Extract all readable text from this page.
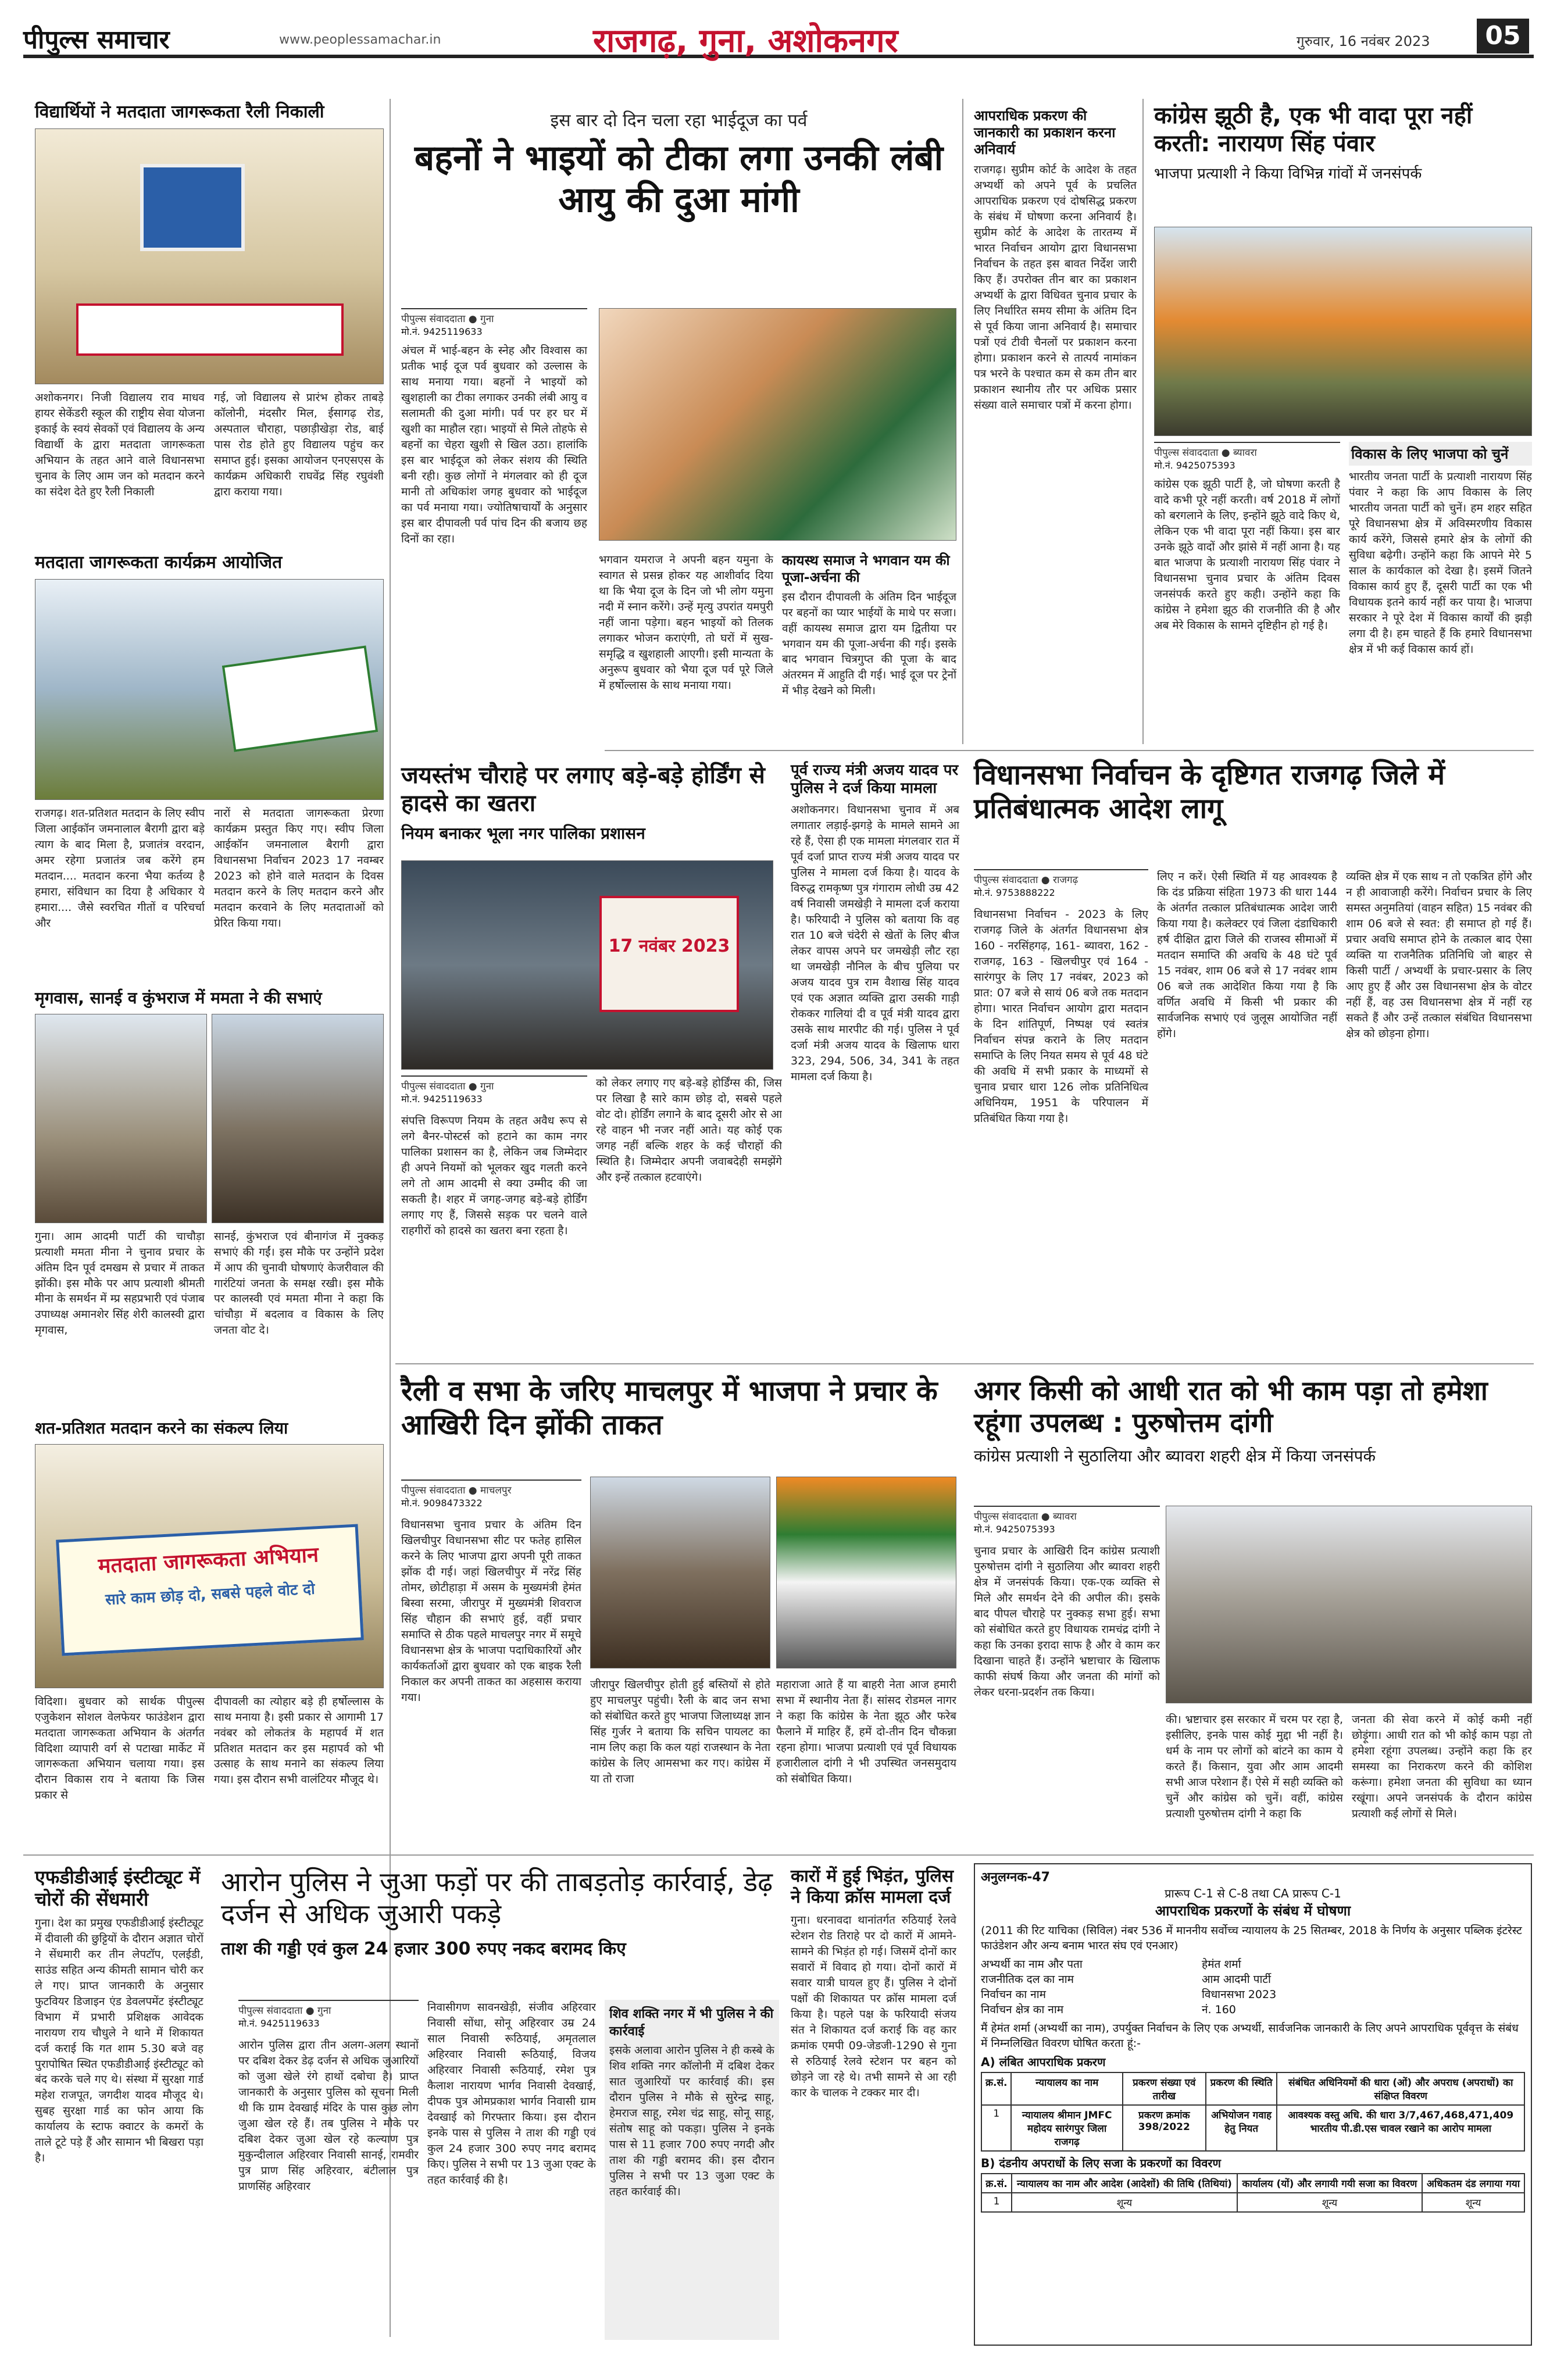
पीपुल्स समाचार	www.peoplessamachar.in	राजगढ़, गुना, अशोकनगर	गुरुवार, 16 नवंबर 2023	05
विद्यार्थियों ने मतदाता जागरूकता रैली निकाली

अशोकनगर। निजी विद्यालय राव माधव हायर सेकेंडरी स्कूल की राष्ट्रीय सेवा योजना इकाई के स्वयं सेवकों एवं विद्यालय के अन्य विद्यार्थी के द्वारा मतदाता जागरूकता अभियान के तहत आने वाले विधानसभा चुनाव के लिए आम जन को मतदान करने का संदेश देते हुए रैली निकाली

गई, जो विद्यालय से प्रारंभ होकर ताबड़े कॉलोनी, मंदसौर मिल, ईसागढ़ रोड, अस्पताल चौराहा, पछाड़ीखेड़ा रोड, बाई पास रोड होते हुए विद्यालय पहुंच कर समाप्त हुई। इसका आयोजन एनएसएस के कार्यक्रम अधिकारी राघवेंद्र सिंह रघुवंशी द्वारा कराया गया।

मतदाता जागरूकता कार्यक्रम आयोजित

राजगढ़। शत-प्रतिशत मतदान के लिए स्वीप जिला आईकॉन जमनालाल बैरागी द्वारा बड़े त्याग के बाद मिला है, प्रजातंत्र वरदान, अमर रहेगा प्रजातंत्र जब करेंगे हम मतदान.... मतदान करना भैया कर्तव्य है हमारा, संविधान का दिया है अधिकार ये हमारा.... जैसे स्वरचित गीतों व परिचर्चा और

नारों से मतदाता जागरूकता प्रेरणा कार्यक्रम प्रस्तुत किए गए। स्वीप जिला आईकॉन जमनालाल बैरागी द्वारा विधानसभा निर्वाचन 2023 17 नवम्बर 2023 को होने वाले मतदान के दिवस मतदान करने के लिए मतदान करने और मतदान करवाने के लिए मतदाताओं को प्रेरित किया गया।

मृगवास, सानई व कुंभराज में ममता ने की सभाएं

गुना। आम आदमी पार्टी की चाचौड़ा प्रत्याशी ममता मीना ने चुनाव प्रचार के अंतिम दिन पूर्व दमखम से प्रचार में ताकत झोंकी। इस मौके पर आप प्रत्याशी श्रीमती मीना के समर्थन में म्प्र सहप्रभारी एवं पंजाब उपाध्यक्ष अमानशेर सिंह शेरी कालस्वी द्वारा मृगवास,

सानई, कुंभराज एवं बीनागंज में नुक्कड़ सभाएं की गईं। इस मौके पर उन्होंने प्रदेश में आप की चुनावी घोषणाएं केजरीवाल की गारंटियां जनता के समक्ष रखी। इस मौके पर कालस्वी एवं ममता मीना ने कहा कि चांचौड़ा में बदलाव व विकास के लिए जनता वोट दे।

शत-प्रतिशत मतदान करने का संकल्प लिया
मतदाता जागरूकता अभियान
सारे काम छोड़ दो, सबसे पहले वोट दो

विदिशा। बुधवार को सार्थक पीपुल्स एजुकेशन सोशल वेलफेयर फाउंडेशन द्वारा मतदाता जागरूकता अभियान के अंतर्गत विदिशा व्यापारी वर्ग से पटाखा मार्केट में जागरूकता अभियान चलाया गया। इस दौरान विकास राय ने बताया कि जिस प्रकार से

दीपावली का त्योहार बड़े ही हर्षोल्लास के साथ मनाया है। इसी प्रकार से आगामी 17 नवंबर को लोकतंत्र के महापर्व में शत प्रतिशत मतदान कर इस महापर्व को भी उत्साह के साथ मनाने का संकल्प लिया गया। इस दौरान सभी वालंटियर मौजूद थे।

इस बार दो दिन चला रहा भाईदूज का पर्व
बहनों ने भाइयों को टीका लगा उनकी लंबी आयु की दुआ मांगी
पीपुल्स संवाददाता ● गुना
मो.नं. 9425119633

अंचल में भाई-बहन के स्नेह और विश्वास का प्रतीक भाई दूज पर्व बुधवार को उल्लास के साथ मनाया गया। बहनों ने भाइयों को खुशहाली का टीका लगाकर उनकी लंबी आयु व सलामती की दुआ मांगी। पर्व पर हर घर में खुशी का माहौल रहा। भाइयों से मिले तोहफे से बहनों का चेहरा खुशी से खिल उठा। हालांकि इस बार भाईदूज को लेकर संशय की स्थिति बनी रही। कुछ लोगों ने मंगलवार को ही दूज मानी तो अधिकांश जगह बुधवार को भाईदूज का पर्व मनाया गया। ज्योतिषाचार्यों के अनुसार इस बार दीपावली पर्व पांच दिन की बजाय छह दिनों का रहा।

भगवान यमराज ने अपनी बहन यमुना के स्वागत से प्रसन्न होकर यह आशीर्वाद दिया था कि भैया दूज के दिन जो भी लोग यमुना नदी में स्नान करेंगे। उन्हें मृत्यु उपरांत यमपुरी नहीं जाना पड़ेगा। बहन भाइयों को तिलक लगाकर भोजन कराएंगी, तो घरों में सुख-समृद्धि व खुशहाली आएगी। इसी मान्यता के अनुरूप बुधवार को भैया दूज पर्व पूरे जिले में हर्षोल्लास के साथ मनाया गया।

कायस्थ समाज ने भगवान यम की पूजा-अर्चना की

इस दौरान दीपावली के अंतिम दिन भाईदूज पर बहनों का प्यार भाईयों के माथे पर सजा। वहीं कायस्थ समाज द्वारा यम द्वितीया पर भगवान यम की पूजा-अर्चना की गई। इसके बाद भगवान चित्रगुप्त की पूजा के बाद अंतरमन में आहुति दी गई। भाई दूज पर ट्रेनों में भीड़ देखने को मिली।

जयस्तंभ चौराहे पर लगाए बड़े-बड़े होर्डिंग से हादसे का खतरा
नियम बनाकर भूला नगर पालिका प्रशासन
17 नवंबर 2023
पीपुल्स संवाददाता ● गुना
मो.नं. 9425119633

संपत्ति विरूपण नियम के तहत अवैध रूप से लगे बैनर-पोस्टर्स को हटाने का काम नगर पालिका प्रशासन का है, लेकिन जब जिम्मेदार ही अपने नियमों को भूलकर खुद गलती करने लगे तो आम आदमी से क्या उम्मीद की जा सकती है। शहर में जगह-जगह बड़े-बड़े होर्डिंग लगाए गए हैं, जिससे सड़क पर चलने वाले राहगीरों को हादसे का खतरा बना रहता है।

को लेकर लगाए गए बड़े-बड़े होर्डिंग्स की, जिस पर लिखा है सारे काम छोड़ दो, सबसे पहले वोट दो। होर्डिंग लगाने के बाद दूसरी ओर से आ रहे वाहन भी नजर नहीं आते। यह कोई एक जगह नहीं बल्कि शहर के कई चौराहों की स्थिति है। जिम्मेदार अपनी जवाबदेही समझेंगे और इन्हें तत्काल हटवाएंगे।

आपराधिक प्रकरण की जानकारी का प्रकाशन करना अनिवार्य

राजगढ़। सुप्रीम कोर्ट के आदेश के तहत अभ्यर्थी को अपने पूर्व के प्रचलित आपराधिक प्रकरण एवं दोषसिद्ध प्रकरण के संबंध में घोषणा करना अनिवार्य है। सुप्रीम कोर्ट के आदेश के तारतम्य में भारत निर्वाचन आयोग द्वारा विधानसभा निर्वाचन के तहत इस बावत निर्देश जारी किए हैं। उपरोक्त तीन बार का प्रकाशन अभ्यर्थी के द्वारा विधिवत चुनाव प्रचार के लिए निर्धारित समय सीमा के अंतिम दिन से पूर्व किया जाना अनिवार्य है। समाचार पत्रों एवं टीवी चैनलों पर प्रकाशन करना होगा। प्रकाशन करने से तात्पर्य नामांकन पत्र भरने के पश्चात कम से कम तीन बार प्रकाशन स्थानीय तौर पर अधिक प्रसार संख्या वाले समाचार पत्रों में करना होगा।

पूर्व राज्य मंत्री अजय यादव पर पुलिस ने दर्ज किया मामला

अशोकनगर। विधानसभा चुनाव में अब लगातार लड़ाई-झगड़े के मामले सामने आ रहे हैं, ऐसा ही एक मामला मंगलवार रात में पूर्व दर्जा प्राप्त राज्य मंत्री अजय यादव पर पुलिस ने मामला दर्ज किया है। यादव के विरुद्ध रामकृष्ण पुत्र गंगाराम लोधी उम्र 42 वर्ष निवासी जमखेड़ी ने मामला दर्ज कराया है। फरियादी ने पुलिस को बताया कि वह रात 10 बजे चंदेरी से खेतों के लिए बीज लेकर वापस अपने घर जमखेड़ी लौट रहा था जमखेड़ी नौनिल के बीच पुलिया पर अजय यादव पुत्र राम वैशाख सिंह यादव एवं एक अज्ञात व्यक्ति द्वारा उसकी गाड़ी रोककर गालियां दी व पूर्व मंत्री यादव द्वारा उसके साथ मारपीट की गई। पुलिस ने पूर्व दर्जा मंत्री अजय यादव के खिलाफ धारा 323, 294, 506, 34, 341 के तहत मामला दर्ज किया है।

कांग्रेस झूठी है, एक भी वादा पूरा नहीं करती: नारायण सिंह पंवार
भाजपा प्रत्याशी ने किया विभिन्न गांवों में जनसंपर्क
पीपुल्स संवाददाता ● ब्यावरा
मो.नं. 9425075393

कांग्रेस एक झूठी पार्टी है, जो घोषणा करती है वादे कभी पूरे नहीं करती। वर्ष 2018 में लोगों को बरगलाने के लिए, इन्होंने झूठे वादे किए थे, लेकिन एक भी वादा पूरा नहीं किया। इस बार उनके झूठे वादों और झांसे में नहीं आना है। यह बात भाजपा के प्रत्याशी नारायण सिंह पंवार ने विधानसभा चुनाव प्रचार के अंतिम दिवस जनसंपर्क करते हुए कही। उन्होंने कहा कि कांग्रेस ने हमेशा झूठ की राजनीति की है और अब मेरे विकास के सामने दृष्टिहीन हो गई है।

विकास के लिए भाजपा को चुनें

भारतीय जनता पार्टी के प्रत्याशी नारायण सिंह पंवार ने कहा कि आप विकास के लिए भारतीय जनता पार्टी को चुनें। हम शहर सहित पूरे विधानसभा क्षेत्र में अविस्मरणीय विकास कार्य करेंगे, जिससे हमारे क्षेत्र के लोगों की सुविधा बढ़ेगी। उन्होंने कहा कि आपने मेरे 5 साल के कार्यकाल को देखा है। इसमें जितने विकास कार्य हुए हैं, दूसरी पार्टी का एक भी विधायक इतने कार्य नहीं कर पाया है। भाजपा सरकार ने पूरे देश में विकास कार्यों की झड़ी लगा दी है। हम चाहते हैं कि हमारे विधानसभा क्षेत्र में भी कई विकास कार्य हों।

विधानसभा निर्वाचन के दृष्टिगत राजगढ़ जिले में प्रतिबंधात्मक आदेश लागू
पीपुल्स संवाददाता ● राजगढ़
मो.नं. 9753888222

विधानसभा निर्वाचन - 2023 के लिए राजगढ़ जिले के अंतर्गत विधानसभा क्षेत्र 160 - नरसिंहगढ़, 161- ब्यावरा, 162 - राजगढ़, 163 - खिलचीपुर एवं 164 - सारंगपुर के लिए 17 नवंबर, 2023 को प्रात: 07 बजे से सायं 06 बजे तक मतदान होगा। भारत निर्वाचन आयोग द्वारा मतदान के दिन शांतिपूर्ण, निष्पक्ष एवं स्वतंत्र निर्वाचन संपन्न कराने के लिए मतदान समाप्ति के लिए नियत समय से पूर्व 48 घंटे की अवधि में सभी प्रकार के माध्यमों से चुनाव प्रचार धारा 126 लोक प्रतिनिधित्व अधिनियम, 1951 के परिपालन में प्रतिबंधित किया गया है।

लिए न करें। ऐसी स्थिति में यह आवश्यक है कि दंड प्रक्रिया संहिता 1973 की धारा 144 के अंतर्गत तत्काल प्रतिबंधात्मक आदेश जारी किया गया है। कलेक्टर एवं जिला दंडाधिकारी हर्ष दीक्षित द्वारा जिले की राजस्व सीमाओं में मतदान समाप्ति की अवधि के 48 घंटे पूर्व 15 नवंबर, शाम 06 बजे से 17 नवंबर शाम 06 बजे तक आदेशित किया गया है कि वर्णित अवधि में किसी भी प्रकार की सार्वजनिक सभाएं एवं जुलूस आयोजित नहीं होंगे।

व्यक्ति क्षेत्र में एक साथ न तो एकत्रित होंगे और न ही आवाजाही करेंगे। निर्वाचन प्रचार के लिए समस्त अनुमतियां (वाहन सहित) 15 नवंबर की शाम 06 बजे से स्वत: ही समाप्त हो गई हैं। प्रचार अवधि समाप्त होने के तत्काल बाद ऐसा व्यक्ति या राजनैतिक प्रतिनिधि जो बाहर से किसी पार्टी / अभ्यर्थी के प्रचार-प्रसार के लिए आए हुए हैं और उस विधानसभा क्षेत्र के वोटर नहीं हैं, वह उस विधानसभा क्षेत्र में नहीं रह सकते हैं और उन्हें तत्काल संबंधित विधानसभा क्षेत्र को छोड़ना होगा।

रैली व सभा के जरिए माचलपुर में भाजपा ने प्रचार के आखिरी दिन झोंकी ताकत
पीपुल्स संवाददाता ● माचलपुर
मो.नं. 9098473322

विधानसभा चुनाव प्रचार के अंतिम दिन खिलचीपुर विधानसभा सीट पर फतेह हासिल करने के लिए भाजपा द्वारा अपनी पूरी ताकत झोंक दी गई। जहां खिलचीपुर में नरेंद्र सिंह तोमर, छोटीहाड़ा में असम के मुख्यमंत्री हेमंत बिस्वा सरमा, जीरापुर में मुख्यमंत्री शिवराज सिंह चौहान की सभाएं हुई, वहीं प्रचार समाप्ति से ठीक पहले माचलपुर नगर में समूचे विधानसभा क्षेत्र के भाजपा पदाधिकारियों और कार्यकर्ताओं द्वारा बुधवार को एक बाइक रैली निकाल कर अपनी ताकत का अहसास कराया गया।

जीरापुर खिलचीपुर होती हुई बस्तियों से होते हुए माचलपुर पहुंची। रैली के बाद जन सभा को संबोधित करते हुए भाजपा जिलाध्यक्ष ज्ञान सिंह गुर्जर ने बताया कि सचिन पायलट का नाम लिए कहा कि कल यहां राजस्थान के नेता कांग्रेस के लिए आमसभा कर गए। कांग्रेस में या तो राजा

महाराजा आते हैं या बाहरी नेता आज हमारी सभा में स्थानीय नेता हैं। सांसद रोडमल नागर ने कहा कि कांग्रेस के नेता झूठ और फरेब फैलाने में माहिर हैं, हमें दो-तीन दिन चौकन्ना रहना होगा। भाजपा प्रत्याशी एवं पूर्व विधायक हजारीलाल दांगी ने भी उपस्थित जनसमुदाय को संबोधित किया।

अगर किसी को आधी रात को भी काम पड़ा तो हमेशा रहूंगा उपलब्ध : पुरुषोत्तम दांगी
कांग्रेस प्रत्याशी ने सुठालिया और ब्यावरा शहरी क्षेत्र में किया जनसंपर्क
पीपुल्स संवाददाता ● ब्यावरा
मो.नं. 9425075393

चुनाव प्रचार के आखिरी दिन कांग्रेस प्रत्याशी पुरुषोत्तम दांगी ने सुठालिया और ब्यावरा शहरी क्षेत्र में जनसंपर्क किया। एक-एक व्यक्ति से मिले और समर्थन देने की अपील की। इसके बाद पीपल चौराहे पर नुक्कड़ सभा हुई। सभा को संबोधित करते हुए विधायक रामचंद्र दांगी ने कहा कि उनका इरादा साफ है और वे काम कर दिखाना चाहते हैं। उन्होंने भ्रष्टाचार के खिलाफ काफी संघर्ष किया और जनता की मांगों को लेकर धरना-प्रदर्शन तक किया।

की। भ्रष्टाचार इस सरकार में चरम पर रहा है, इसीलिए, इनके पास कोई मुद्दा भी नहीं है। धर्म के नाम पर लोगों को बांटने का काम ये करते हैं। किसान, युवा और आम आदमी सभी आज परेशान हैं। ऐसे में सही व्यक्ति को चुनें और कांग्रेस को चुनें। वहीं, कांग्रेस प्रत्याशी पुरुषोत्तम दांगी ने कहा कि

जनता की सेवा करने में कोई कमी नहीं छोड़ूंगा। आधी रात को भी कोई काम पड़ा तो हमेशा रहूंगा उपलब्ध। उन्होंने कहा कि हर समस्या का निराकरण करने की कोशिश करूंगा। हमेशा जनता की सुविधा का ध्यान रखूंगा। अपने जनसंपर्क के दौरान कांग्रेस प्रत्याशी कई लोगों से मिले।

एफडीडीआई इंस्टीट्यूट में चोरों की सेंधमारी

गुना। देश का प्रमुख एफडीडीआई इंस्टीट्यूट में दीवाली की छुट्टियों के दौरान अज्ञात चोरों ने सेंधमारी कर तीन लेपटॉप, एलईडी, साउंड सहित अन्य कीमती सामान चोरी कर ले गए। प्राप्त जानकारी के अनुसार फुटवियर डिजाइन एंड डेवलपमेंट इंस्टीट्यूट विभाग में प्रभारी प्रशिक्षक आवेदक नारायण राय चौधुले ने थाने में शिकायत दर्ज कराई कि गत शाम 5.30 बजे वह पुरापोषित स्थित एफडीडीआई इंस्टीट्यूट को बंद करके चले गए थे। संस्था में सुरक्षा गार्ड महेश राजपूत, जगदीश यादव मौजूद थे। सुबह सुरक्षा गार्ड का फोन आया कि कार्यालय के स्टाफ क्वाटर के कमरों के ताले टूटे पड़े हैं और सामान भी बिखरा पड़ा है।

आरोन पुलिस ने जुआ फड़ों पर की ताबड़तोड़ कार्रवाई, डेढ़ दर्जन से अधिक जुआरी पकड़े
ताश की गड्डी एवं कुल 24 हजार 300 रुपए नकद बरामद किए
पीपुल्स संवाददाता ● गुना
मो.नं. 9425119633

आरोन पुलिस द्वारा तीन अलग-अलग स्थानों पर दबिश देकर डेढ़ दर्जन से अधिक जुआरियों को जुआ खेले रंगे हाथों दबोचा है। प्राप्त जानकारी के अनुसार पुलिस को सूचना मिली थी कि ग्राम देवखाई मंदिर के पास कुछ लोग जुआ खेल रहे हैं। तब पुलिस ने मौके पर दबिश देकर जुआ खेल रहे कल्याण पुत्र मुकुन्दीलाल अहिरवार निवासी सानई, रामवीर पुत्र प्राण सिंह अहिरवार, बंटीलाल पुत्र प्राणसिंह अहिरवार

निवासीगण सावनखेड़ी, संजीव अहिरवार निवासी सोंधा, सोनू अहिरवार उम्र 24 साल निवासी रूठियाई, अमृतलाल अहिरवार निवासी रूठियाई, विजय अहिरवार निवासी रूठियाई, रमेश पुत्र कैलाश नारायण भार्गव निवासी देवखाई, दीपक पुत्र ओमप्रकाश भार्गव निवासी ग्राम देवखाई को गिरफ्तार किया। इस दौरान इनके पास से पुलिस ने ताश की गड्डी एवं कुल 24 हजार 300 रुपए नगद बरामद किए। पुलिस ने सभी पर 13 जुआ एक्ट के तहत कार्रवाई की है।

शिव शक्ति नगर में भी पुलिस ने की कार्रवाई

इसके अलावा आरोन पुलिस ने ही कस्बे के शिव शक्ति नगर कॉलोनी में दबिश देकर सात जुआरियों पर कार्रवाई की। इस दौरान पुलिस ने मौके से सुरेन्द्र साहू, हेमराज साहू, रमेश चंद्र साहू, सोनू साहू, संतोष साहू को पकड़ा। पुलिस ने इनके पास से 11 हजार 700 रुपए नगदी और ताश की गड्डी बरामद की। इस दौरान पुलिस ने सभी पर 13 जुआ एक्ट के तहत कार्रवाई की।

कारों में हुई भिड़ंत, पुलिस ने किया क्रॉस मामला दर्ज

गुना। धरनावदा थानांतर्गत रुठियाई रेलवे स्टेशन रोड तिराहे पर दो कारों में आमने-सामने की भिड़ंत हो गई। जिसमें दोनों कार सवारों में विवाद हो गया। दोनों कारों में सवार यात्री घायल हुए हैं। पुलिस ने दोनों पक्षों की शिकायत पर क्रॉस मामला दर्ज किया है। पहले पक्ष के फरियादी संजय संत ने शिकायत दर्ज कराई कि वह कार क्रमांक एमपी 09-जेडजी-1290 से गुना से रुठियाई रेलवे स्टेशन पर बहन को छोड़ने जा रहे थे। तभी सामने से आ रही कार के चालक ने टक्कर मार दी।

अनुलग्नक-47
प्रारूप C-1 से C-8 तथा CA प्रारूप C-1
आपराधिक प्रकरणों के संबंध में घोषणा
(2011 की रिट याचिका (सिविल) नंबर 536 में माननीय सर्वोच्च न्यायालय के 25 सितम्बर, 2018 के निर्णय के अनुसार पब्लिक इंटरेस्ट फाउंडेशन और अन्य बनाम भारत संघ एवं एनआर)
अभ्यर्थी का नाम और पता	हेमंत शर्मा
राजनीतिक दल का नाम	आम आदमी पार्टी
निर्वाचन का नाम	विधानसभा 2023
निर्वाचन क्षेत्र का नाम	नं. 160
मैं हेमंत शर्मा (अभ्यर्थी का नाम), उपर्युक्त निर्वाचन के लिए एक अभ्यर्थी, सार्वजनिक जानकारी के लिए अपने आपराधिक पूर्ववृत्त के संबंध में निम्नलिखित विवरण घोषित करता हूं:-
A) लंबित आपराधिक प्रकरण
क्र.सं.	न्यायालय का नाम	प्रकरण संख्या एवं तारीख	प्रकरण की स्थिति	संबंधित अधिनियमों की धारा (ओं) और अपराध (अपराधों) का संक्षिप्त विवरण
1	न्यायालय श्रीमान JMFC महोदय सारंगपुर जिला राजगढ़	प्रकरण क्रमांक 398/2022	अभियोजन गवाह हेतु नियत	आवश्यक वस्तु अधि. की धारा 3/7,467,468,471,409 भारतीय पी.डी.एस चावल रखाने का आरोप मामला
B) दंडनीय अपराधों के लिए सजा के प्रकरणों का विवरण
क्र.सं.	न्यायालय का नाम और आदेश (आदेशों) की तिथि (तिथियां)	कार्यालय (यों) और लगायी गयी सजा का विवरण	अधिकतम दंड लगाया गया
1	शून्य	शून्य	शून्य
